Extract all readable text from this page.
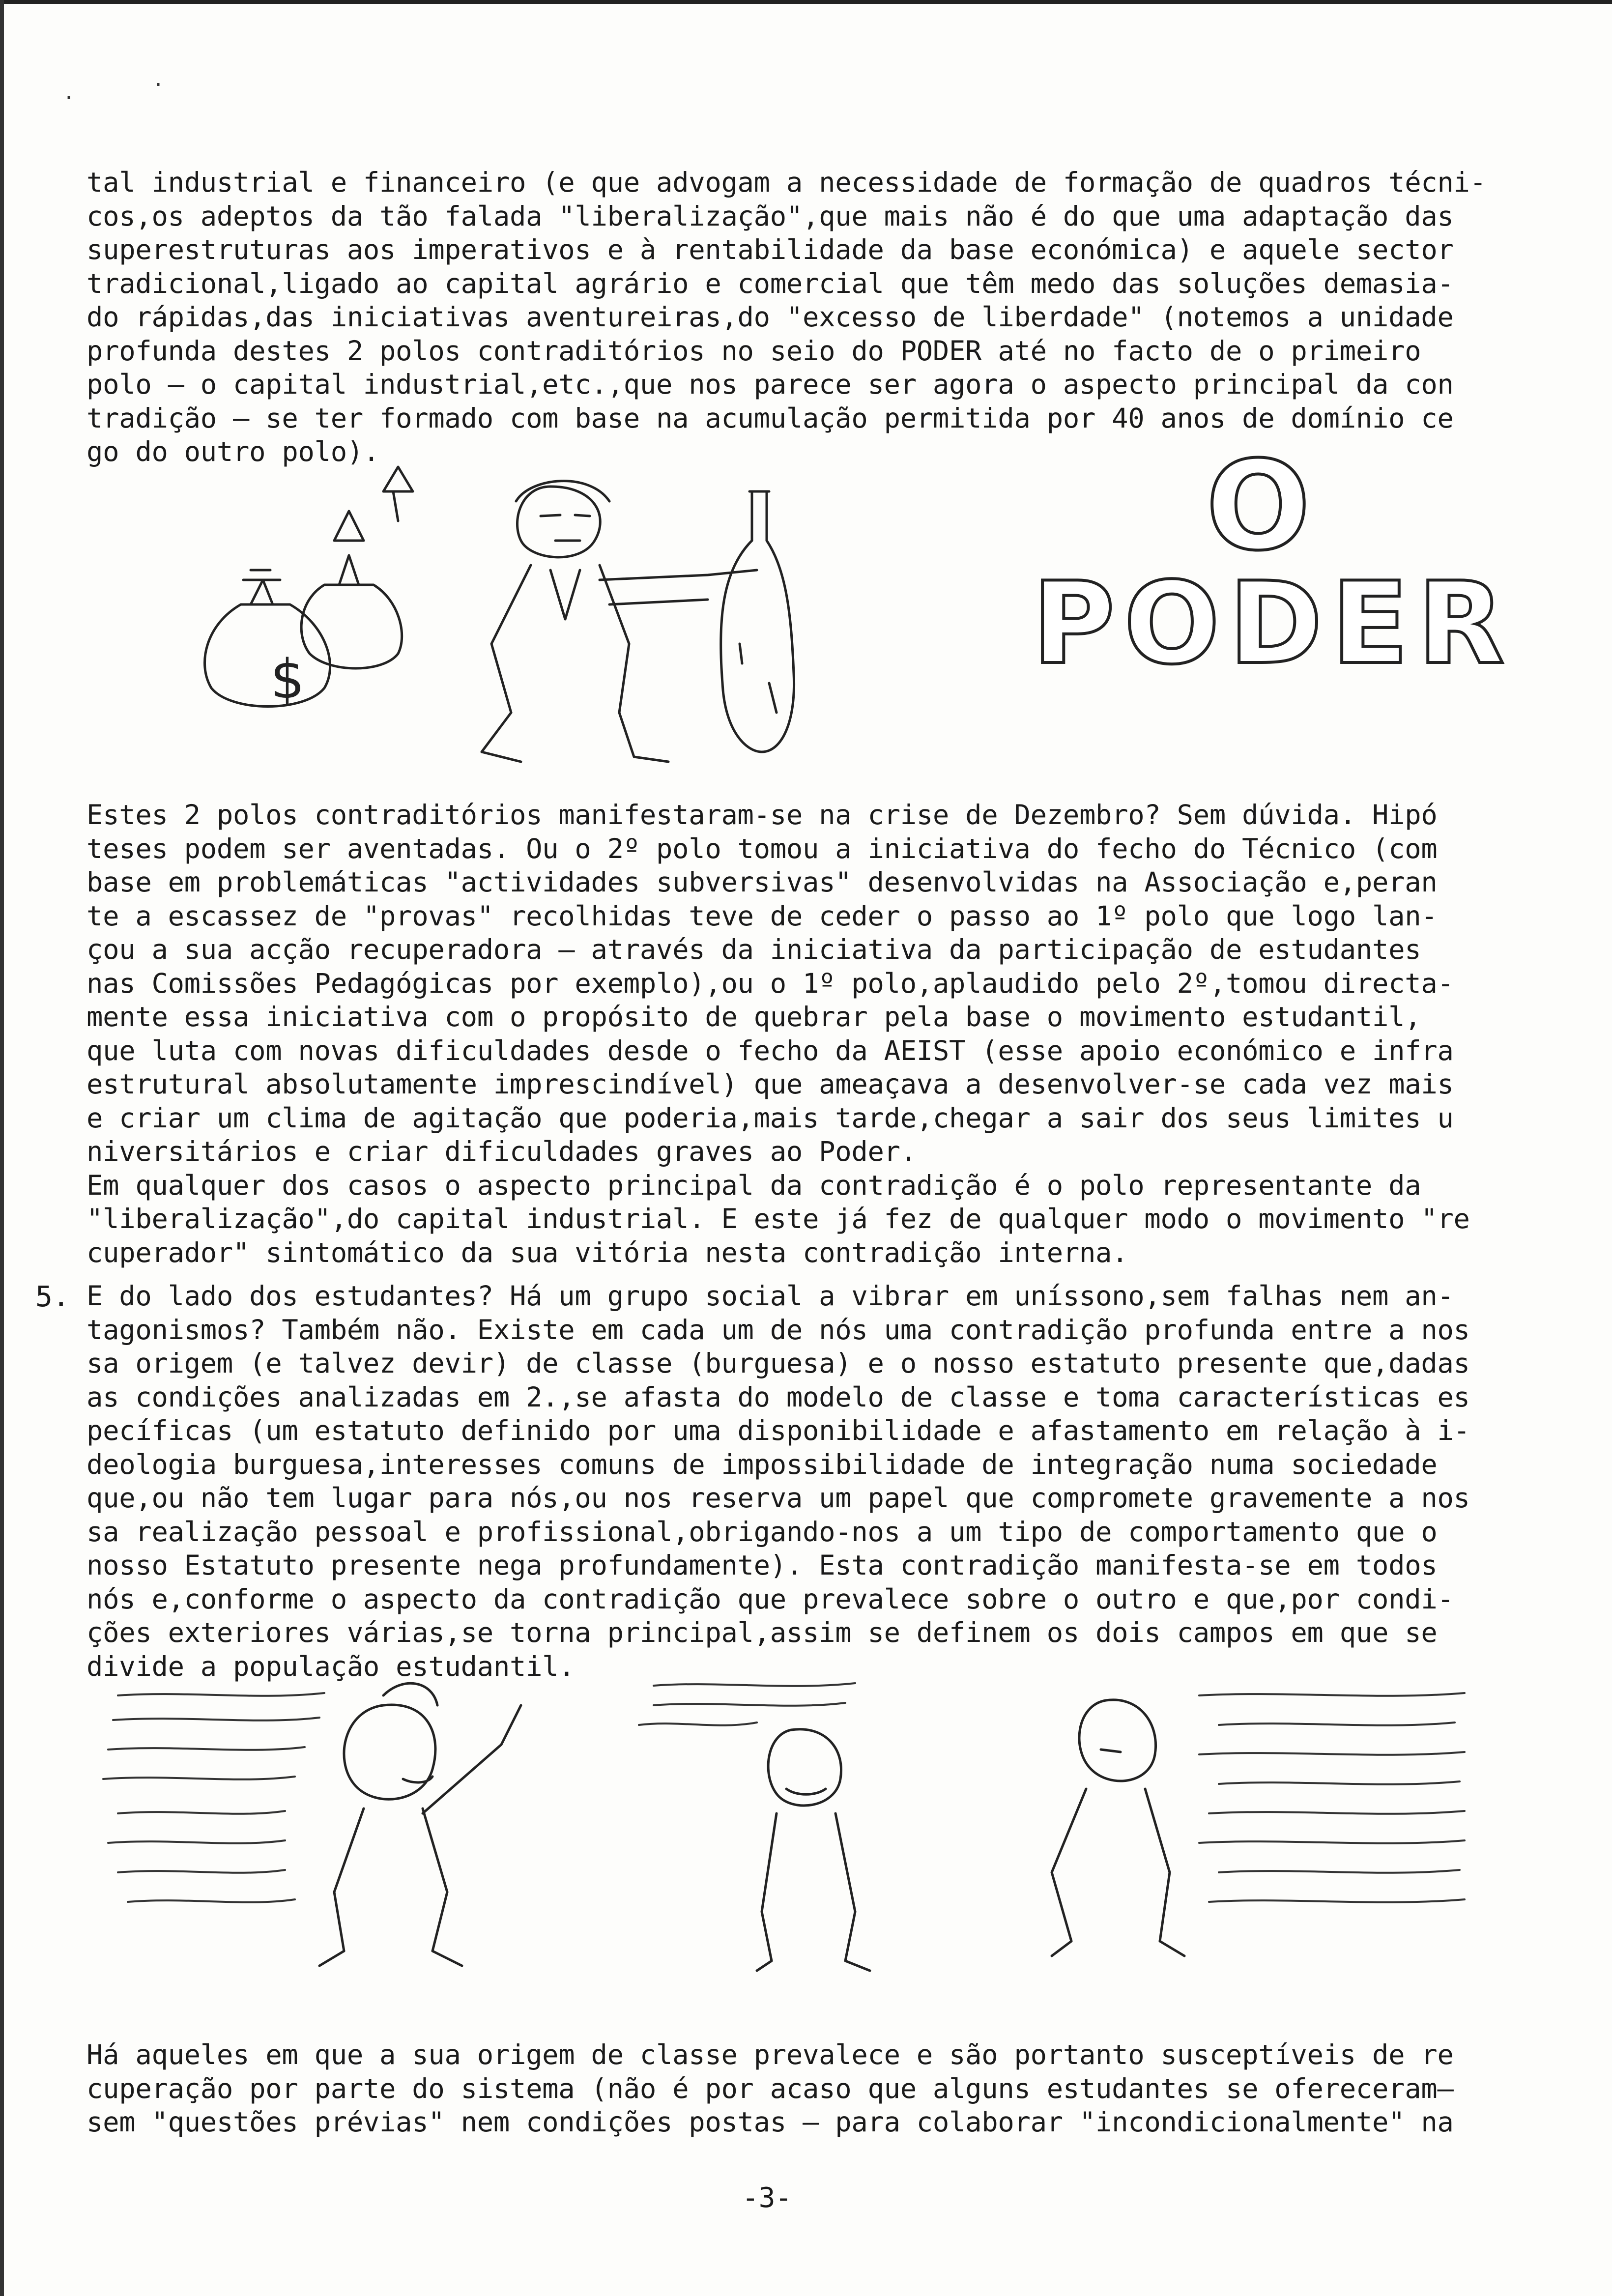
·
·

tal industrial e financeiro (e que advogam a necessidade de formação de quadros técni-
cos,os adeptos da tão falada "liberalização",que mais não é do que uma adaptação das
superestruturas aos imperativos e à rentabilidade da base económica) e aquele sector
tradicional,ligado ao capital agrário e comercial que têm medo das soluções demasia-
do rápidas,das iniciativas aventureiras,do "excesso de liberdade" (notemos a unidade
profunda destes 2 polos contraditórios no seio do PODER até no facto de o primeiro
polo — o capital industrial,etc.,que nos parece ser agora o aspecto principal da con
tradição — se ter formado com base na acumulação permitida por 40 anos de domínio ce
go do outro polo).

$
O
PODER

Estes 2 polos contraditórios manifestaram-se na crise de Dezembro? Sem dúvida. Hipó
teses podem ser aventadas. Ou o 2º polo tomou a iniciativa do fecho do Técnico (com
base em problemáticas "actividades subversivas" desenvolvidas na Associação e,peran
te a escassez de "provas" recolhidas teve de ceder o passo ao 1º polo que logo lan-
çou a sua acção recuperadora — através da iniciativa da participação de estudantes
nas Comissões Pedagógicas por exemplo),ou o 1º polo,aplaudido pelo 2º,tomou directa-
mente essa iniciativa com o propósito de quebrar pela base o movimento estudantil,
que luta com novas dificuldades desde o fecho da AEIST (esse apoio económico e infra
estrutural absolutamente imprescindível) que ameaçava a desenvolver-se cada vez mais
e criar um clima de agitação que poderia,mais tarde,chegar a sair dos seus limites u
niversitários e criar dificuldades graves ao Poder.
Em qualquer dos casos o aspecto principal da contradição é o polo representante da
"liberalização",do capital industrial. E este já fez de qualquer modo o movimento "re
cuperador" sintomático da sua vitória nesta contradição interna.

5. E do lado dos estudantes? Há um grupo social a vibrar em uníssono,sem falhas nem an-
tagonismos? Também não. Existe em cada um de nós uma contradição profunda entre a nos
sa origem (e talvez devir) de classe (burguesa) e o nosso estatuto presente que,dadas
as condições analizadas em 2.,se afasta do modelo de classe e toma características es
pecíficas (um estatuto definido por uma disponibilidade e afastamento em relação à i-
deologia burguesa,interesses comuns de impossibilidade de integração numa sociedade
que,ou não tem lugar para nós,ou nos reserva um papel que compromete gravemente a nos
sa realização pessoal e profissional,obrigando-nos a um tipo de comportamento que o
nosso Estatuto presente nega profundamente). Esta contradição manifesta-se em todos
nós e,conforme o aspecto da contradição que prevalece sobre o outro e que,por condi-
ções exteriores várias,se torna principal,assim se definem os dois campos em que se
divide a população estudantil.

Há aqueles em que a sua origem de classe prevalece e são portanto susceptíveis de re
cuperação por parte do sistema (não é por acaso que alguns estudantes se ofereceram—
sem "questões prévias" nem condições postas — para colaborar "incondicionalmente" na

-3-
